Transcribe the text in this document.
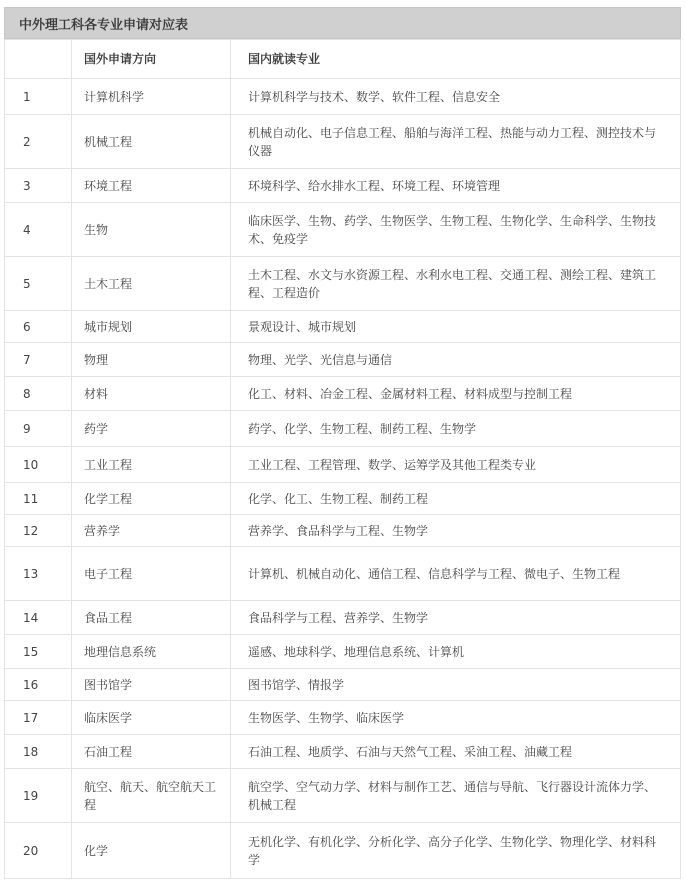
中外理工科各专业申请对应表
	国外申请方向	国内就读专业
1	计算机科学	计算机科学与技术、数学、软件工程、信息安全
2	机械工程	机械自动化、电子信息工程、船舶与海洋工程、热能与动力工程、测控技术与仪器
3	环境工程	环境科学、给水排水工程、环境工程、环境管理
4	生物	临床医学、生物、药学、生物医学、生物工程、生物化学、生命科学、生物技术、免疫学
5	土木工程	土木工程、水文与水资源工程、水利水电工程、交通工程、测绘工程、建筑工程、工程造价
6	城市规划	景观设计、城市规划
7	物理	物理、光学、光信息与通信
8	材料	化工、材料、冶金工程、金属材料工程、材料成型与控制工程
9	药学	药学、化学、生物工程、制药工程、生物学
10	工业工程	工业工程、工程管理、数学、运筹学及其他工程类专业
11	化学工程	化学、化工、生物工程、制药工程
12	营养学	营养学、食品科学与工程、生物学
13	电子工程	计算机、机械自动化、通信工程、信息科学与工程、微电子、生物工程
14	食品工程	食品科学与工程、营养学、生物学
15	地理信息系统	遥感、地球科学、地理信息系统、计算机
16	图书馆学	图书馆学、情报学
17	临床医学	生物医学、生物学、临床医学
18	石油工程	石油工程、地质学、石油与天然气工程、采油工程、油藏工程
19	航空、航天、航空航天工程	航空学、空气动力学、材料与制作工艺、通信与导航、飞行器设计流体力学、机械工程
20	化学	无机化学、有机化学、分析化学、高分子化学、生物化学、物理化学、材料科学
